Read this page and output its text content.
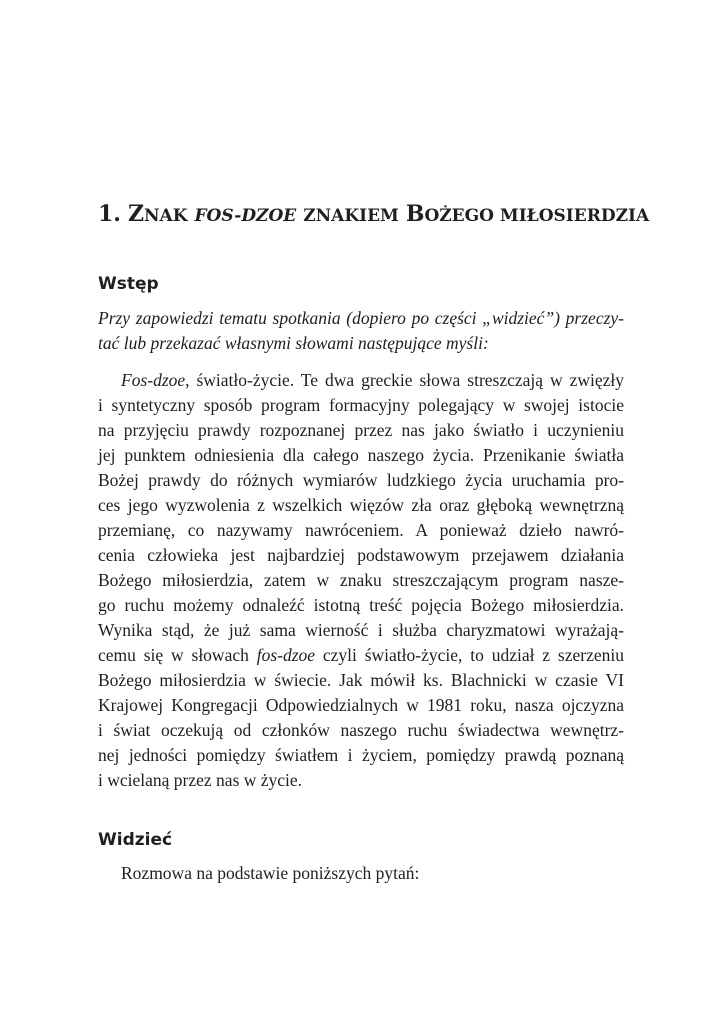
1. ZNAK FOS-DZOE ZNAKIEM BOŻEGO MIŁOSIERDZIA
Wstęp

Przy zapowiedzi tematu spotkania (dopiero po części „widzieć”) przeczy-
tać lub przekazać własnymi słowami następujące myśli:

Fos-dzoe, światło-życie. Te dwa greckie słowa streszczają w zwięzły
i syntetyczny sposób program formacyjny polegający w swojej istocie
na przyjęciu prawdy rozpoznanej przez nas jako światło i uczynieniu
jej punktem odniesienia dla całego naszego życia. Przenikanie światła
Bożej prawdy do różnych wymiarów ludzkiego życia uruchamia pro-
ces jego wyzwolenia z wszelkich więzów zła oraz głęboką wewnętrzną
przemianę, co nazywamy nawróceniem. A ponieważ dzieło nawró-
cenia człowieka jest najbardziej podstawowym przejawem działania
Bożego miłosierdzia, zatem w znaku streszczającym program nasze-
go ruchu możemy odnaleźć istotną treść pojęcia Bożego miłosierdzia.
Wynika stąd, że już sama wierność i służba charyzmatowi wyrażają-
cemu się w słowach fos-dzoe czyli światło-życie, to udział z szerzeniu
Bożego miłosierdzia w świecie. Jak mówił ks. Blachnicki w czasie VI
Krajowej Kongregacji Odpowiedzialnych w 1981 roku, nasza ojczyzna
i świat oczekują od członków naszego ruchu świadectwa wewnętrz-
nej jedności pomiędzy światłem i życiem, pomiędzy prawdą poznaną
i wcielaną przez nas w życie.

Widzieć

Rozmowa na podstawie poniższych pytań:
